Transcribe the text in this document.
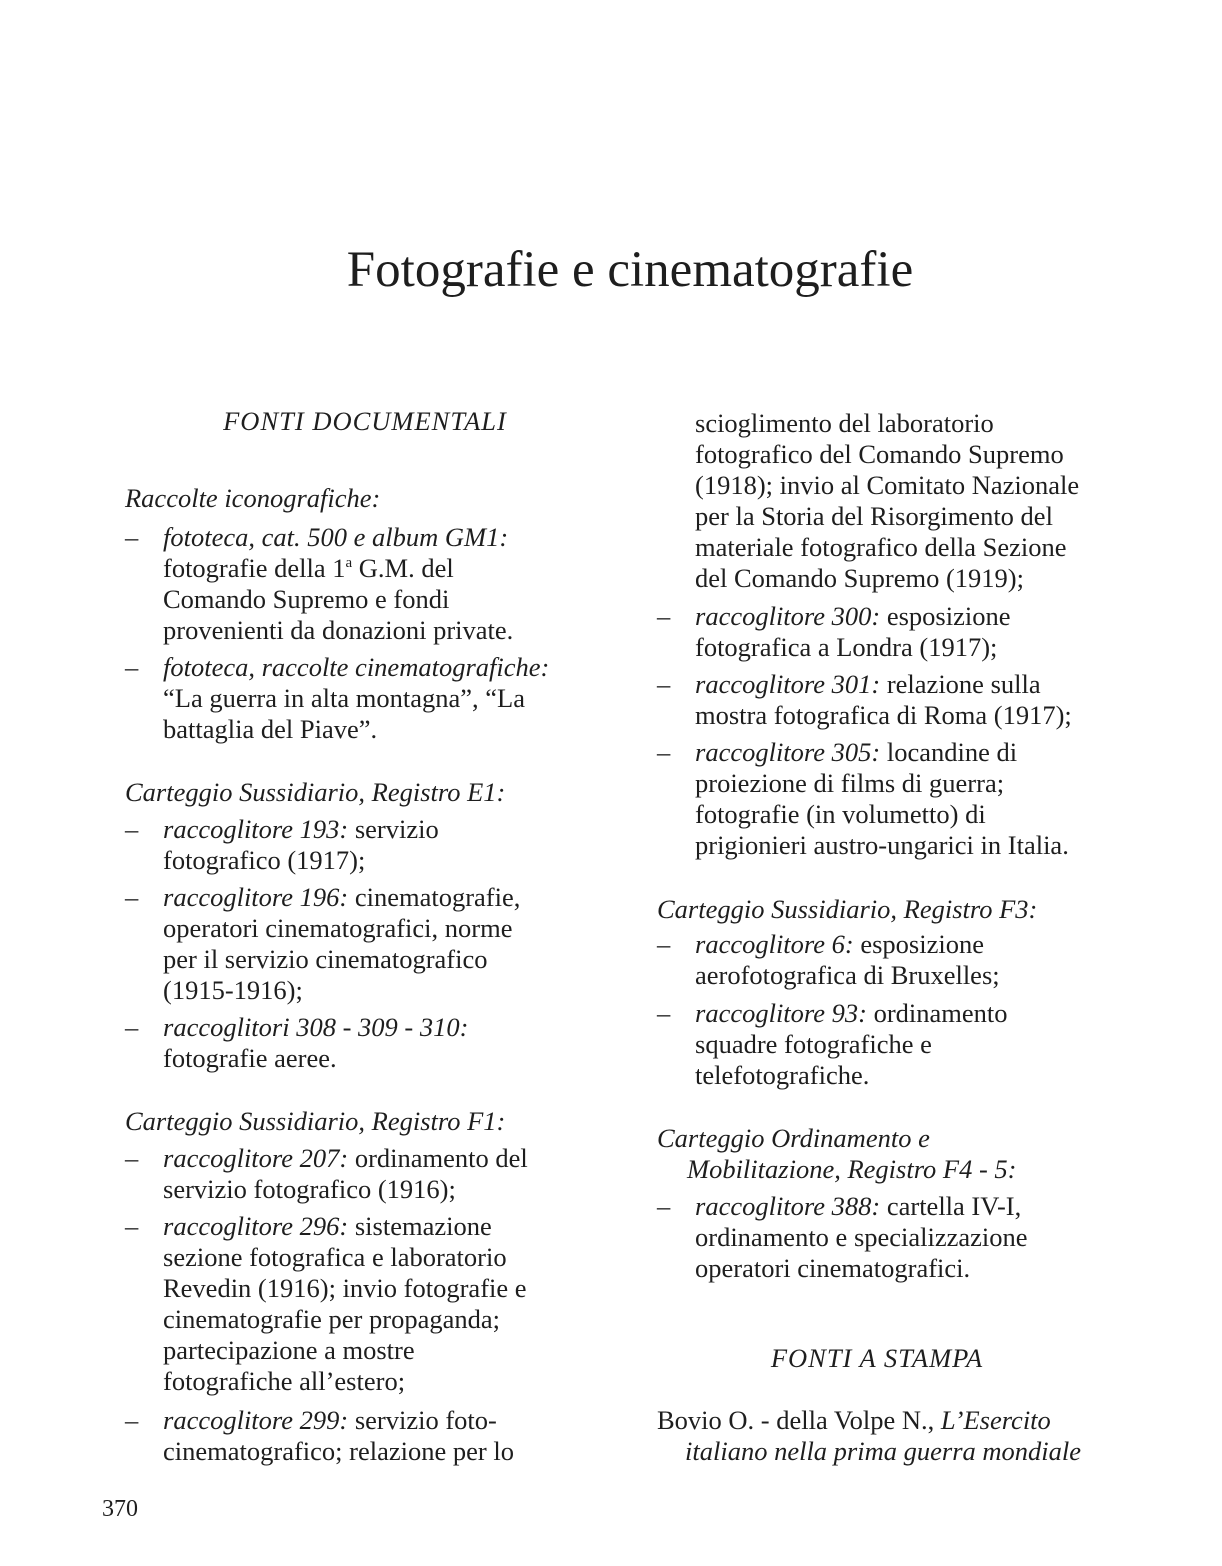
Fotografie e cinematografie
FONTI DOCUMENTALI
Raccolte iconografiche:
– fototeca, cat. 500 e album GM1:
fotografie della 1$^a$ G.M. del
Comando Supremo e fondi
provenienti da donazioni private.
– fototeca, raccolte cinematografiche:
“La guerra in alta montagna”, “La
battaglia del Piave”.
Carteggio Sussidiario, Registro E1:
– raccoglitore 193: servizio
fotografico (1917);
– raccoglitore 196: cinematografie,
operatori cinematografici, norme
per il servizio cinematografico
(1915-1916);
– raccoglitori 308 - 309 - 310:
fotografie aeree.
Carteggio Sussidiario, Registro F1:
– raccoglitore 207: ordinamento del
servizio fotografico (1916);
– raccoglitore 296: sistemazione
sezione fotografica e laboratorio
Revedin (1916); invio fotografie e
cinematografie per propaganda;
partecipazione a mostre
fotografiche all’estero;
– raccoglitore 299: servizio foto-
cinematografico; relazione per lo
scioglimento del laboratorio
fotografico del Comando Supremo
(1918); invio al Comitato Nazionale
per la Storia del Risorgimento del
materiale fotografico della Sezione
del Comando Supremo (1919);
– raccoglitore 300: esposizione
fotografica a Londra (1917);
– raccoglitore 301: relazione sulla
mostra fotografica di Roma (1917);
– raccoglitore 305: locandine di
proiezione di films di guerra;
fotografie (in volumetto) di
prigionieri austro-ungarici in Italia.
Carteggio Sussidiario, Registro F3:
– raccoglitore 6: esposizione
aerofotografica di Bruxelles;
– raccoglitore 93: ordinamento
squadre fotografiche e
telefotografiche.
Carteggio Ordinamento e
Mobilitazione, Registro F4 - 5:
– raccoglitore 388: cartella IV-I,
ordinamento e specializzazione
operatori cinematografici.
FONTI A STAMPA
Bovio O. - della Volpe N., L’Esercito
italiano nella prima guerra mondiale
370
